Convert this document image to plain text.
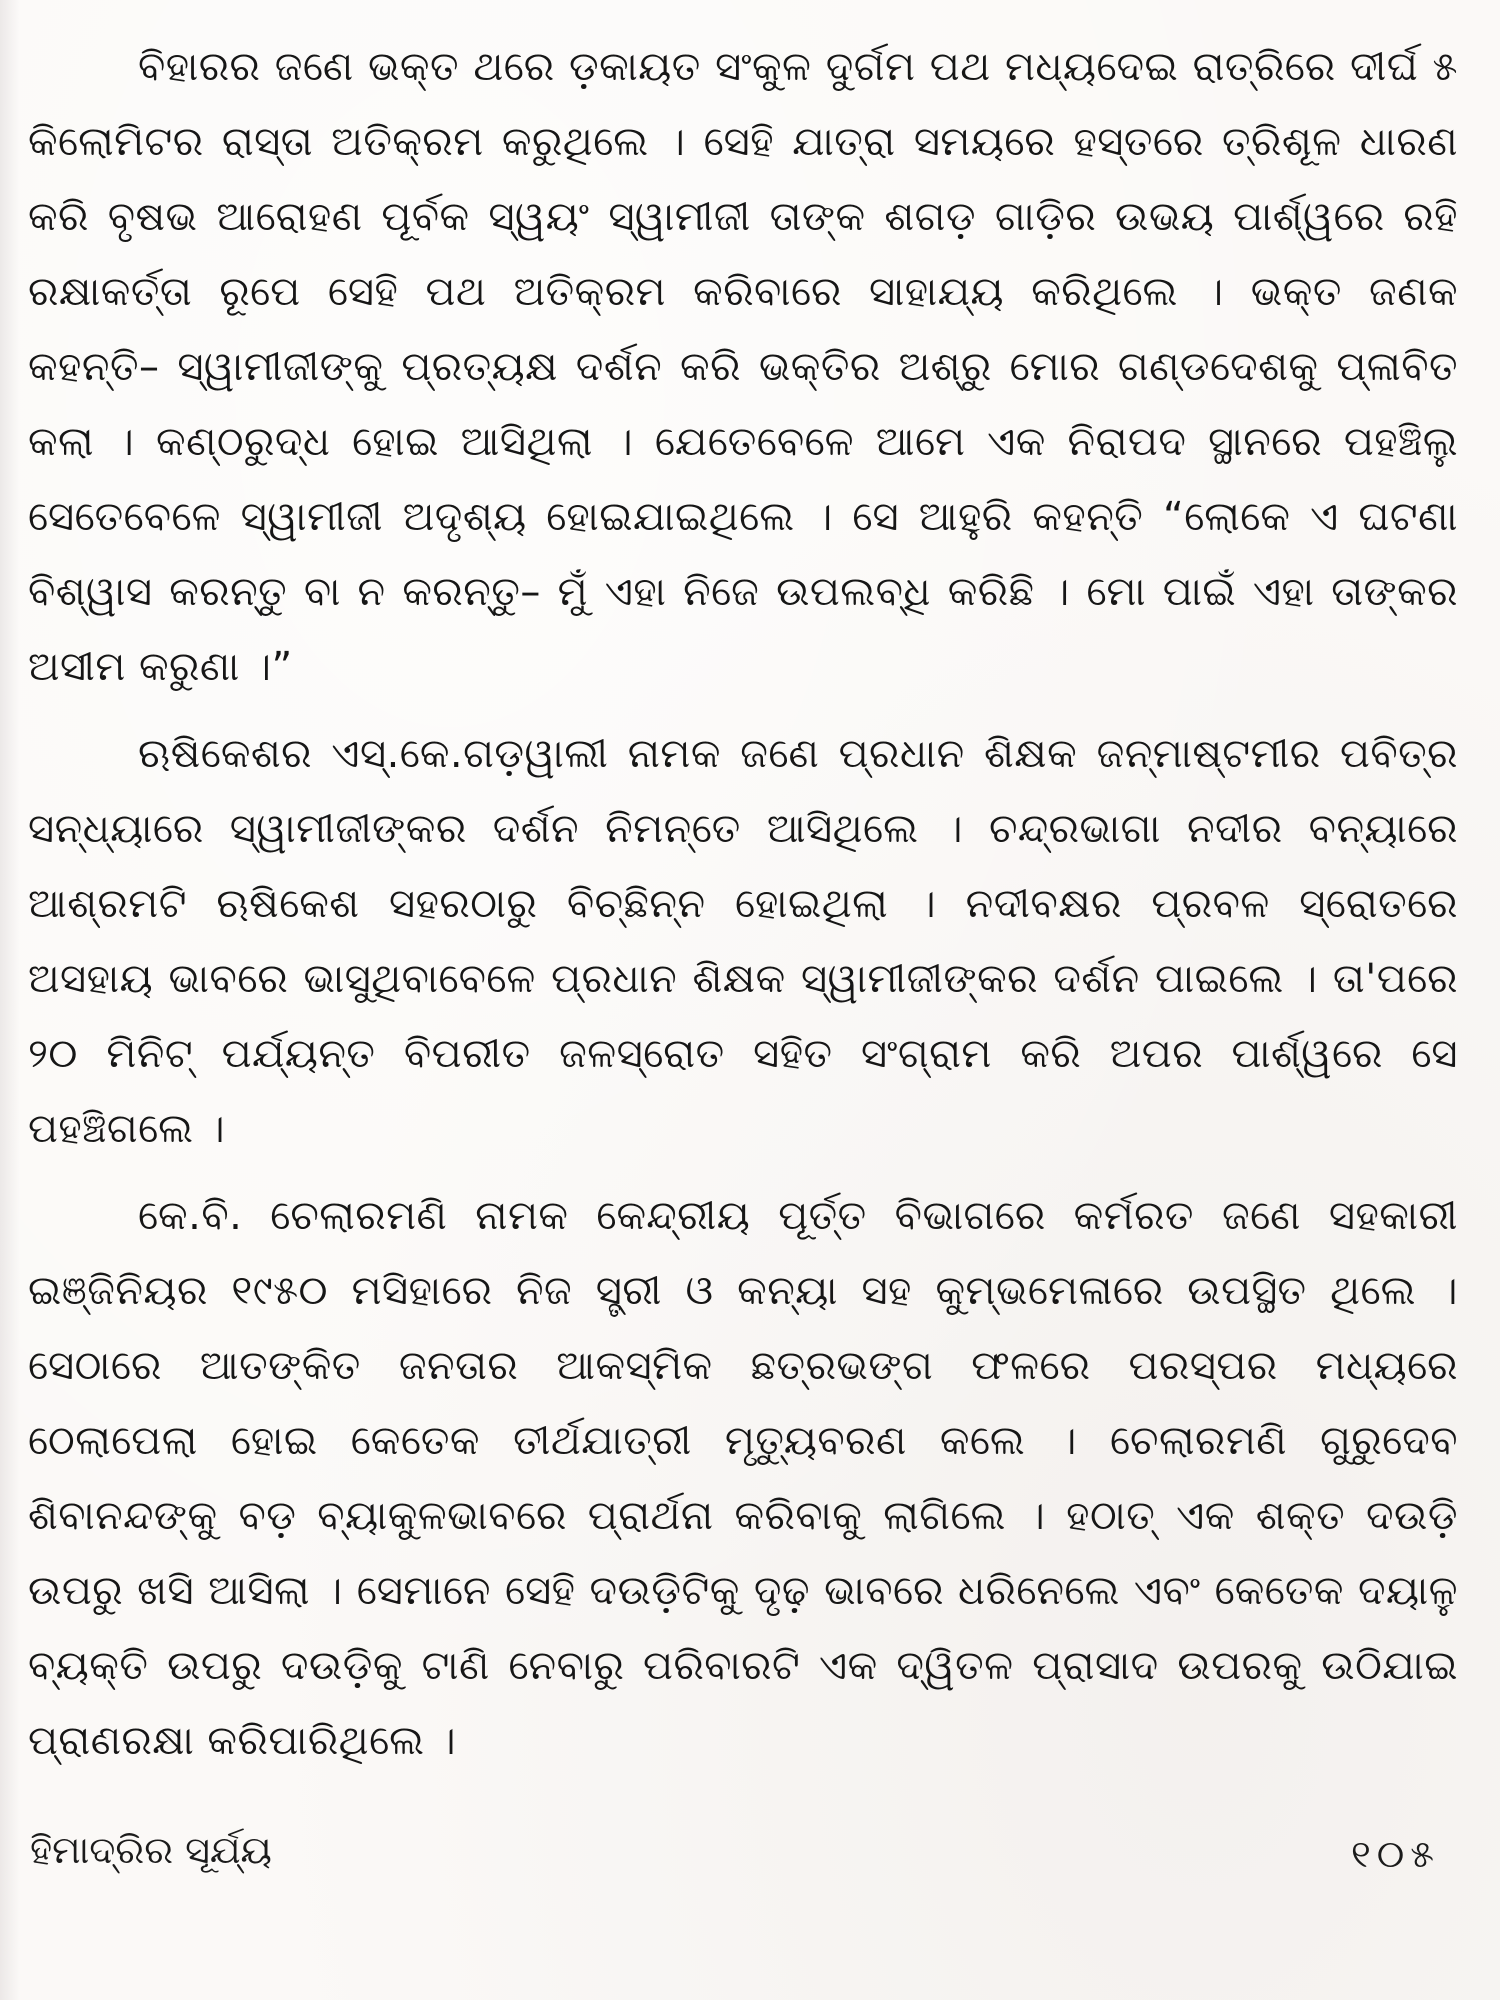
ବିହାରର ଜଣେ ଭକ୍ତ ଥରେ ଡ଼କାୟତ ସଂକୁଳ ଦୁର୍ଗମ ପଥ ମଧ୍ୟଦେଇ ରାତ୍ରିରେ ଦୀର୍ଘ ୫ କିଲୋମିଟର ରାସ୍ତା ଅତିକ୍ରମ କରୁଥିଲେ । ସେହି ଯାତ୍ରା ସମୟରେ ହସ୍ତରେ ତ୍ରିଶୂଳ ଧାରଣ କରି ବୃଷଭ ଆରୋହଣ ପୂର୍ବକ ସ୍ୱୟଂ ସ୍ୱାମୀଜୀ ତାଙ୍କ ଶଗଡ଼ ଗାଡ଼ିର ଉଭୟ ପାର୍ଶ୍ୱରେ ରହି ରକ୍ଷାକର୍ତ୍ତା ରୂପେ ସେହି ପଥ ଅତିକ୍ରମ କରିବାରେ ସାହାଯ୍ୟ କରିଥିଲେ । ଭକ୍ତ ଜଣକ କହନ୍ତି– ସ୍ୱାମୀଜୀଙ୍କୁ ପ୍ରତ୍ୟକ୍ଷ ଦର୍ଶନ କରି ଭକ୍ତିର ଅଶ୍ରୁ ମୋର ଗଣ୍ଡଦେଶକୁ ପ୍ଳାବିତ କଲା । କଣ୍ଠରୁଦ୍ଧ ହୋଇ ଆସିଥିଲା । ଯେତେବେଳେ ଆମେ ଏକ ନିରାପଦ ସ୍ଥାନରେ ପହଞ୍ଚିଲୁ ସେତେବେଳେ ସ୍ୱାମୀଜୀ ଅଦୃଶ୍ୟ ହୋଇଯାଇଥିଲେ । ସେ ଆହୁରି କହନ୍ତି “ଲୋକେ ଏ ଘଟଣା ବିଶ୍ୱାସ କରନ୍ତୁ ବା ନ କରନ୍ତୁ– ମୁଁ ଏହା ନିଜେ ଉପଲବ୍ଧି କରିଛି । ମୋ ପାଇଁ ଏହା ତାଙ୍କର ଅସୀମ କରୁଣା ।”

ଋଷିକେଶର ଏସ୍.କେ.ଗଡ଼ୱାଲୀ ନାମକ ଜଣେ ପ୍ରଧାନ ଶିକ୍ଷକ ଜନ୍ମାଷ୍ଟମୀର ପବିତ୍ର ସନ୍ଧ୍ୟାରେ ସ୍ୱାମୀଜୀଙ୍କର ଦର୍ଶନ ନିମନ୍ତେ ଆସିଥିଲେ । ଚନ୍ଦ୍ରଭାଗା ନଦୀର ବନ୍ୟାରେ ଆଶ୍ରମଟି ଋଷିକେଶ ସହରଠାରୁ ବିଚ୍ଛିନ୍ନ ହୋଇଥିଲା । ନଦୀବକ୍ଷର ପ୍ରବଳ ସ୍ରୋତରେ ଅସହାୟ ଭାବରେ ଭାସୁଥିବାବେଳେ ପ୍ରଧାନ ଶିକ୍ଷକ ସ୍ୱାମୀଜୀଙ୍କର ଦର୍ଶନ ପାଇଲେ । ତା'ପରେ ୨୦ ମିନିଟ୍ ପର୍ଯ୍ୟନ୍ତ ବିପରୀତ ଜଳସ୍ରୋତ ସହିତ ସଂଗ୍ରାମ କରି ଅପର ପାର୍ଶ୍ୱରେ ସେ ପହଞ୍ଚିଗଲେ ।

କେ.ବି. ଚେଲାରମଣି ନାମକ କେନ୍ଦ୍ରୀୟ ପୂର୍ତ୍ତ ବିଭାଗରେ କର୍ମରତ ଜଣେ ସହକାରୀ ଇଞ୍ଜିନିୟର ୧୯୫୦ ମସିହାରେ ନିଜ ସ୍ତ୍ରୀ ଓ କନ୍ୟା ସହ କୁମ୍ଭମେଳାରେ ଉପସ୍ଥିତ ଥିଲେ । ସେଠାରେ ଆତଙ୍କିତ ଜନତାର ଆକସ୍ମିକ ଛତ୍ରଭଙ୍ଗ ଫଳରେ ପରସ୍ପର ମଧ୍ୟରେ ଠେଲାପେଲା ହୋଇ କେତେକ ତୀର୍ଥଯାତ୍ରୀ ମୃତ୍ୟୁବରଣ କଲେ । ଚେଲାରମଣି ଗୁରୁଦେବ ଶିବାନନ୍ଦଙ୍କୁ ବଡ଼ ବ୍ୟାକୁଳଭାବରେ ପ୍ରାର୍ଥନା କରିବାକୁ ଲାଗିଲେ । ହଠାତ୍ ଏକ ଶକ୍ତ ଦଉଡ଼ି ଉପରୁ ଖସି ଆସିଲା । ସେମାନେ ସେହି ଦଉଡ଼ିଟିକୁ ଦୃଢ଼ ଭାବରେ ଧରିନେଲେ ଏବଂ କେତେକ ଦୟାଳୁ ବ୍ୟକ୍ତି ଉପରୁ ଦଉଡ଼ିକୁ ଟାଣି ନେବାରୁ ପରିବାରଟି ଏକ ଦ୍ୱିତଳ ପ୍ରାସାଦ ଉପରକୁ ଉଠିଯାଇ ପ୍ରାଣରକ୍ଷା କରିପାରିଥିଲେ ।

ହିମାଦ୍ରିର ସୂର୍ଯ୍ୟ	୧୦୫
